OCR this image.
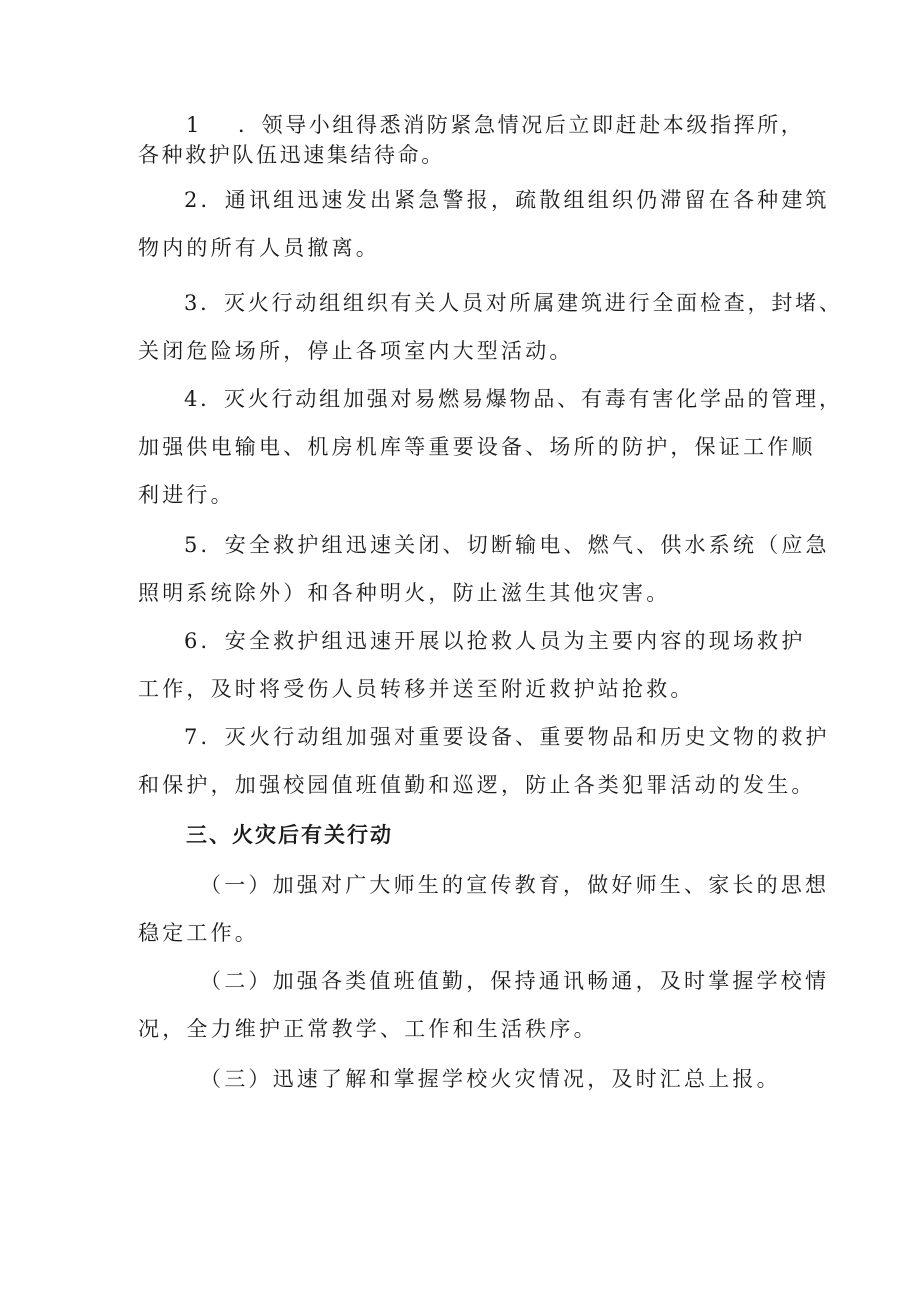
1 ．领导小组得悉消防紧急情况后立即赶赴本级指挥所，
各种救护队伍迅速集结待命。
2．通讯组迅速发出紧急警报，疏散组组织仍滞留在各种建筑
物内的所有人员撤离。
3．灭火行动组组织有关人员对所属建筑进行全面检查，封堵、
关闭危险场所，停止各项室内大型活动。
4．灭火行动组加强对易燃易爆物品、有毒有害化学品的管理，
加强供电输电、机房机库等重要设备、场所的防护，保证工作顺
利进行。
5．安全救护组迅速关闭、切断输电、燃气、供水系统（应急
照明系统除外）和各种明火，防止滋生其他灾害。
6．安全救护组迅速开展以抢救人员为主要内容的现场救护
工作，及时将受伤人员转移并送至附近救护站抢救。
7．灭火行动组加强对重要设备、重要物品和历史文物的救护
和保护，加强校园值班值勤和巡逻，防止各类犯罪活动的发生。
三、火灾后有关行动
（一）加强对广大师生的宣传教育，做好师生、家长的思想
稳定工作。
（二）加强各类值班值勤，保持通讯畅通，及时掌握学校情
况，全力维护正常教学、工作和生活秩序。
（三）迅速了解和掌握学校火灾情况，及时汇总上报。
